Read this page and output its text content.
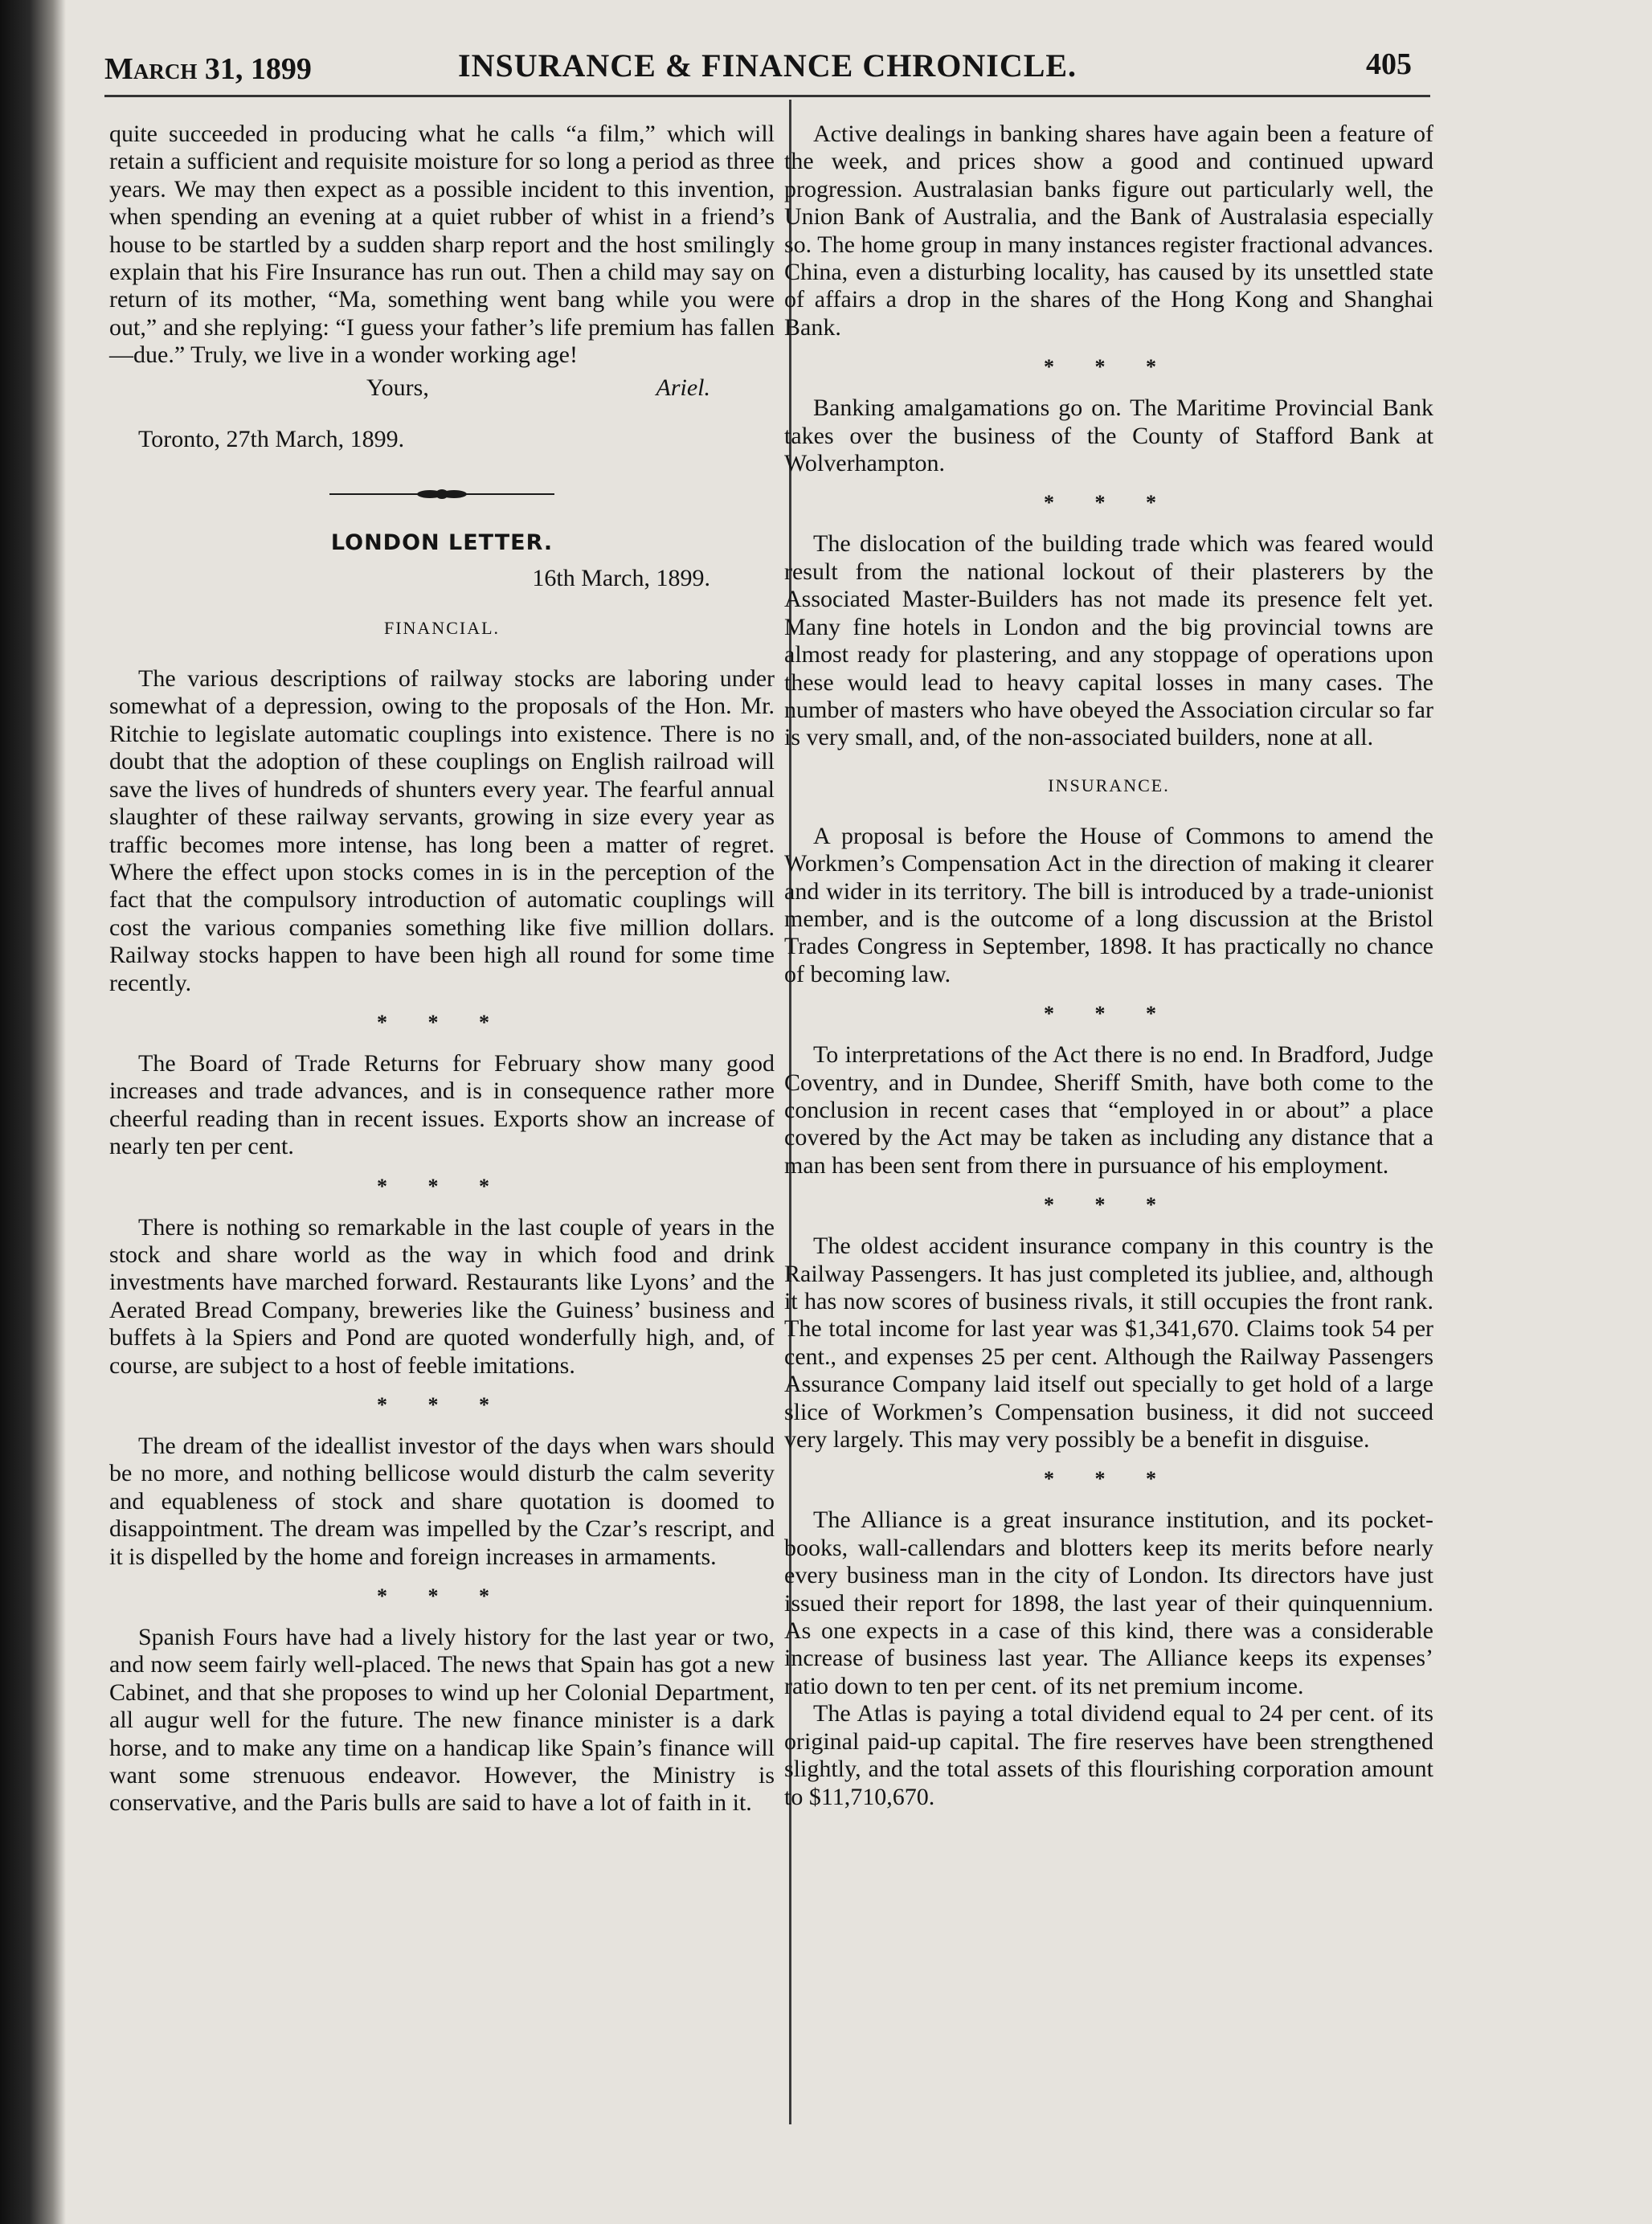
March 31, 1899	INSURANCE & FINANCE CHRONICLE.	405

quite succeeded in producing what he calls “a film,” which will retain a sufficient and requisite moisture for so long a period as three years. We may then expect as a possible incident to this invention, when spending an evening at a quiet rubber of whist in a friend’s house to be startled by a sudden sharp report and the host smilingly explain that his Fire Insurance has run out. Then a child may say on return of its mother, “Ma, something went bang while you were out,” and she replying: “I guess your father’s life premium has fallen—due.” Truly, we live in a wonder working age!

Yours,	Ariel.
Toronto, 27th March, 1899.
LONDON LETTER.
16th March, 1899.
FINANCIAL.

The various descriptions of railway stocks are laboring under somewhat of a depression, owing to the proposals of the Hon. Mr. Ritchie to legislate automatic couplings into existence. There is no doubt that the adoption of these couplings on English railroad will save the lives of hundreds of shunters every year. The fearful annual slaughter of these railway servants, growing in size every year as traffic becomes more intense, has long been a matter of regret. Where the effect upon stocks comes in is in the perception of the fact that the compulsory introduction of automatic couplings will cost the various companies something like five million dollars. Railway stocks happen to have been high all round for some time recently.

* * *

The Board of Trade Returns for February show many good increases and trade advances, and is in consequence rather more cheerful reading than in recent issues. Exports show an increase of nearly ten per cent.

* * *

There is nothing so remarkable in the last couple of years in the stock and share world as the way in which food and drink investments have marched forward. Restaurants like Lyons’ and the Aerated Bread Company, breweries like the Guiness’ business and buffets à la Spiers and Pond are quoted wonderfully high, and, of course, are subject to a host of feeble imitations.

* * *

The dream of the ideallist investor of the days when wars should be no more, and nothing bellicose would disturb the calm severity and equableness of stock and share quotation is doomed to disappointment. The dream was impelled by the Czar’s rescript, and it is dispelled by the home and foreign increases in armaments.

* * *

Spanish Fours have had a lively history for the last year or two, and now seem fairly well-placed. The news that Spain has got a new Cabinet, and that she proposes to wind up her Colonial Department, all augur well for the future. The new finance minister is a dark horse, and to make any time on a handicap like Spain’s finance will want some strenuous endeavor. However, the Ministry is conservative, and the Paris bulls are said to have a lot of faith in it.

Active dealings in banking shares have again been a feature of the week, and prices show a good and continued upward progression. Australasian banks figure out particularly well, the Union Bank of Australia, and the Bank of Australasia especially so. The home group in many instances register fractional advances. China, even a disturbing locality, has caused by its unsettled state of affairs a drop in the shares of the Hong Kong and Shanghai Bank.

* * *

Banking amalgamations go on. The Maritime Provincial Bank takes over the business of the County of Stafford Bank at Wolverhampton.

* * *

The dislocation of the building trade which was feared would result from the national lockout of their plasterers by the Associated Master-Builders has not made its presence felt yet. Many fine hotels in London and the big provincial towns are almost ready for plastering, and any stoppage of operations upon these would lead to heavy capital losses in many cases. The number of masters who have obeyed the Association circular so far is very small, and, of the non-associated builders, none at all.

INSURANCE.

A proposal is before the House of Commons to amend the Workmen’s Compensation Act in the direction of making it clearer and wider in its territory. The bill is introduced by a trade-unionist member, and is the outcome of a long discussion at the Bristol Trades Congress in September, 1898. It has practically no chance of becoming law.

* * *

To interpretations of the Act there is no end. In Bradford, Judge Coventry, and in Dundee, Sheriff Smith, have both come to the conclusion in recent cases that “employed in or about” a place covered by the Act may be taken as including any distance that a man has been sent from there in pursuance of his employment.

* * *

The oldest accident insurance company in this country is the Railway Passengers. It has just completed its jubliee, and, although it has now scores of business rivals, it still occupies the front rank. The total income for last year was $1,341,670. Claims took 54 per cent., and expenses 25 per cent. Although the Railway Passengers Assurance Company laid itself out specially to get hold of a large slice of Workmen’s Compensation business, it did not succeed very largely. This may very possibly be a benefit in disguise.

* * *

The Alliance is a great insurance institution, and its pocket-books, wall-callendars and blotters keep its merits before nearly every business man in the city of London. Its directors have just issued their report for 1898, the last year of their quinquennium. As one expects in a case of this kind, there was a considerable increase of business last year. The Alliance keeps its expenses’ ratio down to ten per cent. of its net premium income.

The Atlas is paying a total dividend equal to 24 per cent. of its original paid-up capital. The fire reserves have been strengthened slightly, and the total assets of this flourishing corporation amount to $11,710,670.
